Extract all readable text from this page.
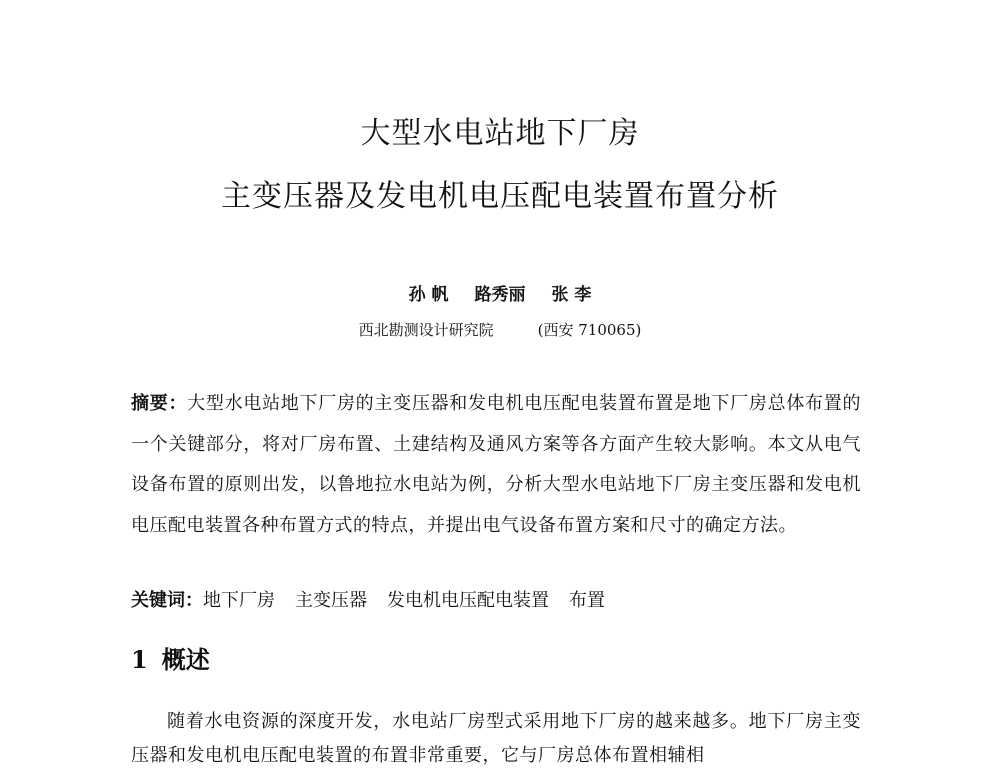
大型水电站地下厂房
主变压器及发电机电压配电装置布置分析
孙 帆 路秀丽 张 李
西北勘测设计研究院	(西安 710065)
摘要：大型水电站地下厂房的主变压器和发电机电压配电装置布置是地下厂房总体布置的一个关键部分，将对厂房布置、土建结构及通风方案等各方面产生较大影响。本文从电气设备布置的原则出发，以鲁地拉水电站为例，分析大型水电站地下厂房主变压器和发电机电压配电装置各种布置方式的特点，并提出电气设备布置方案和尺寸的确定方法。
关键词：地下厂房 主变压器 发电机电压配电装置 布置
1 概述
随着水电资源的深度开发，水电站厂房型式采用地下厂房的越来越多。地下厂房主变压器和发电机电压配电装置的布置非常重要，它与厂房总体布置相辅相
